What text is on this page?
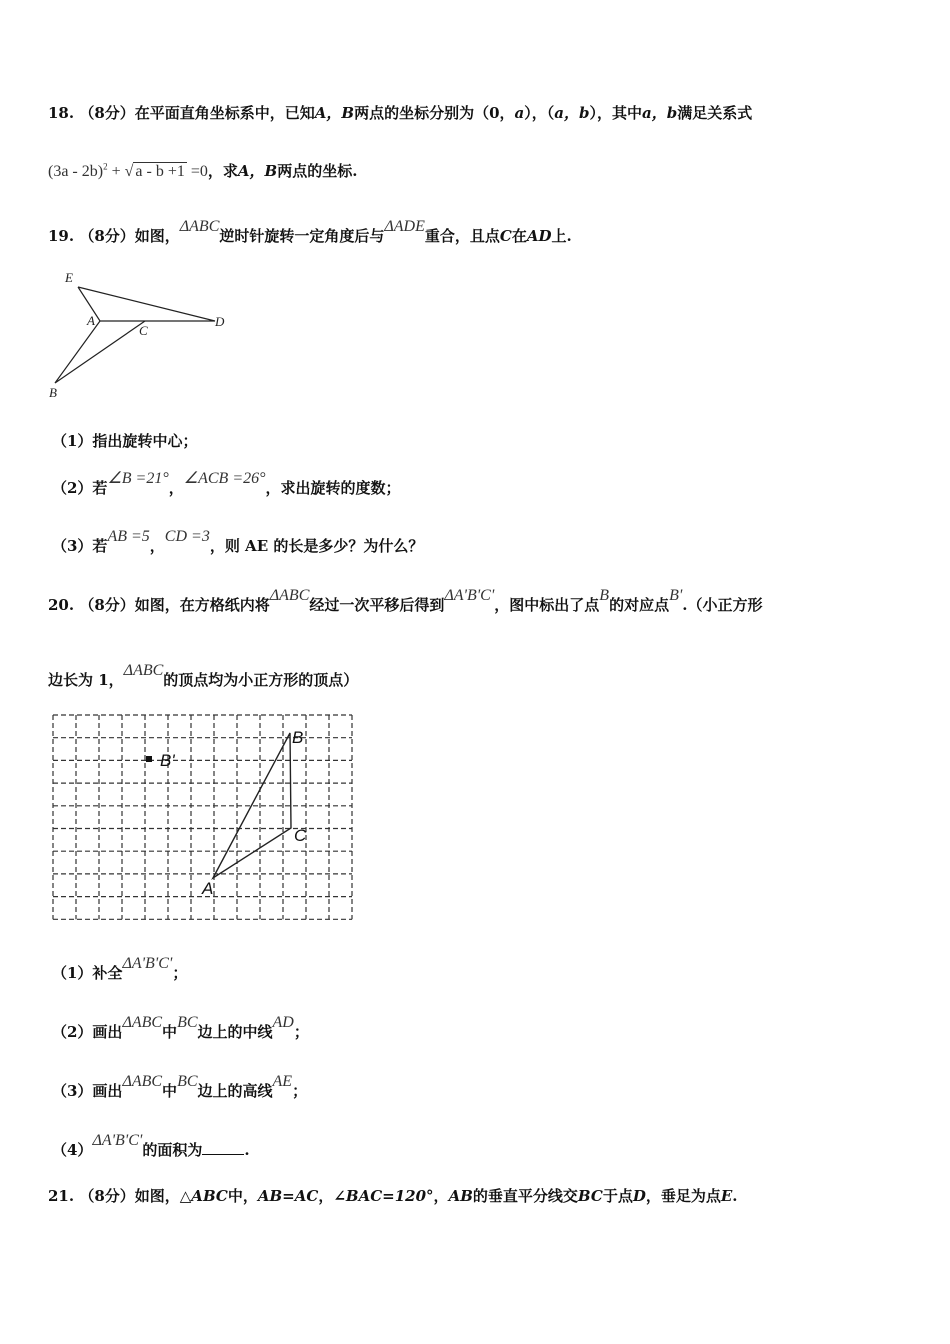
18. （8分）在平面直角坐标系中，已知A，B两点的坐标分别为（0，a），（a，b），其中a，b满足关系式
(3a - 2b)$^2$ + √ a - b +1 =0，求A，B两点的坐标.
19. （8分）如图，ΔABC逆时针旋转一定角度后与ΔADE重合，且点C在AD上.
E
A
C
D
B
（1）指出旋转中心；
（2）若∠B =21°，∠ACB =26°，求出旋转的度数；
（3）若AB =5，CD =3，则 AE 的长是多少？为什么？
20. （8分）如图，在方格纸内将ΔABC经过一次平移后得到ΔA'B'C'，图中标出了点B的对应点B'.（小正方形
边长为 1，ΔABC的顶点均为小正方形的顶点）
A
B
C
B'
（1）补全ΔA'B'C'；
（2）画出ΔABC中BC边上的中线AD；
（3）画出ΔABC中BC边上的高线AE；
（4）ΔA'B'C'的面积为	.
21. （8分）如图，△ABC中，AB=AC，∠BAC=120°，AB的垂直平分线交BC于点D，垂足为点E.
